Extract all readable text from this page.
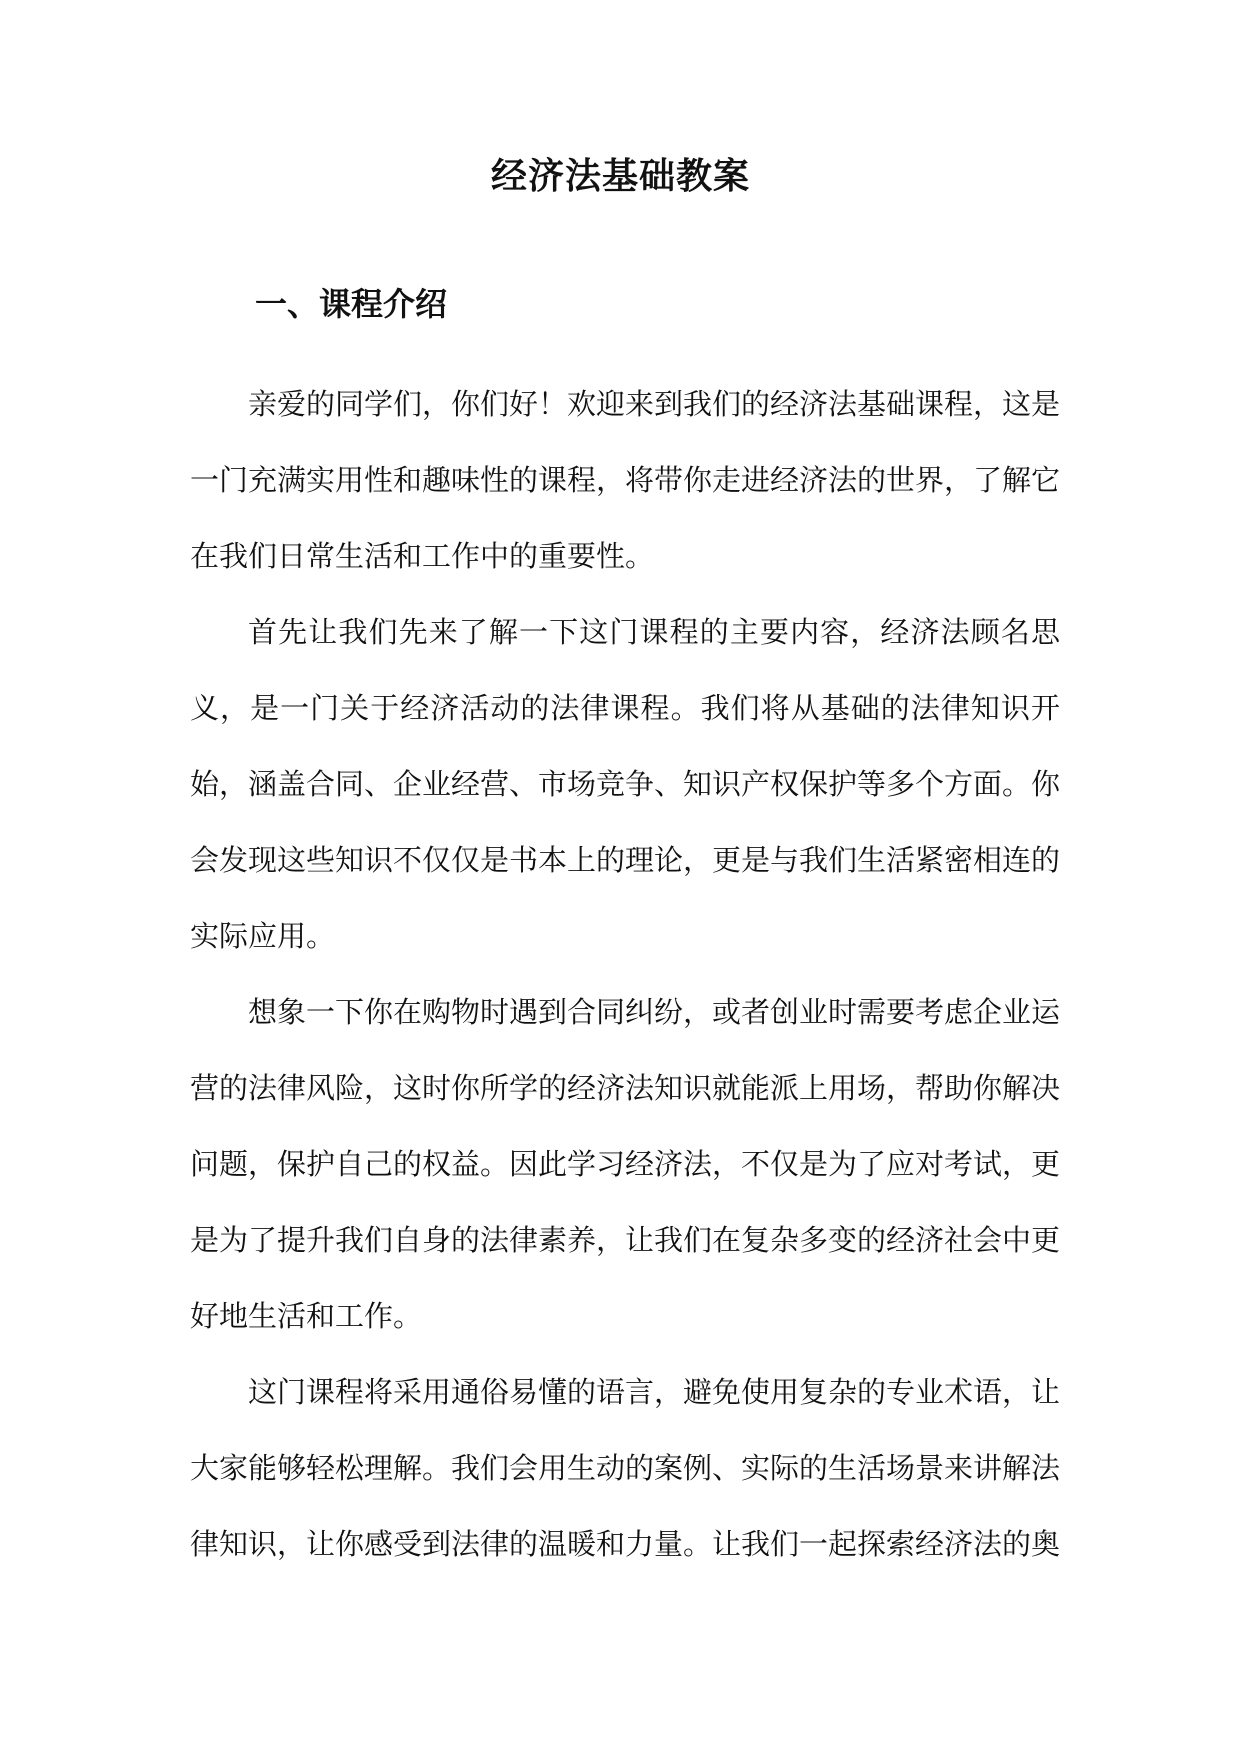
经济法基础教案
一、课程介绍

亲爱的同学们，你们好！欢迎来到我们的经济法基础课程，这是一门充满实用性和趣味性的课程，将带你走进经济法的世界，了解它在我们日常生活和工作中的重要性。

首先让我们先来了解一下这门课程的主要内容，经济法顾名思义，是一门关于经济活动的法律课程。我们将从基础的法律知识开始，涵盖合同、企业经营、市场竞争、知识产权保护等多个方面。你会发现这些知识不仅仅是书本上的理论，更是与我们生活紧密相连的实际应用。

想象一下你在购物时遇到合同纠纷，或者创业时需要考虑企业运营的法律风险，这时你所学的经济法知识就能派上用场，帮助你解决问题，保护自己的权益。因此学习经济法，不仅是为了应对考试，更是为了提升我们自身的法律素养，让我们在复杂多变的经济社会中更好地生活和工作。

这门课程将采用通俗易懂的语言，避免使用复杂的专业术语，让大家能够轻松理解。我们会用生动的案例、实际的生活场景来讲解法律知识，让你感受到法律的温暖和力量。让我们一起探索经济法的奥
